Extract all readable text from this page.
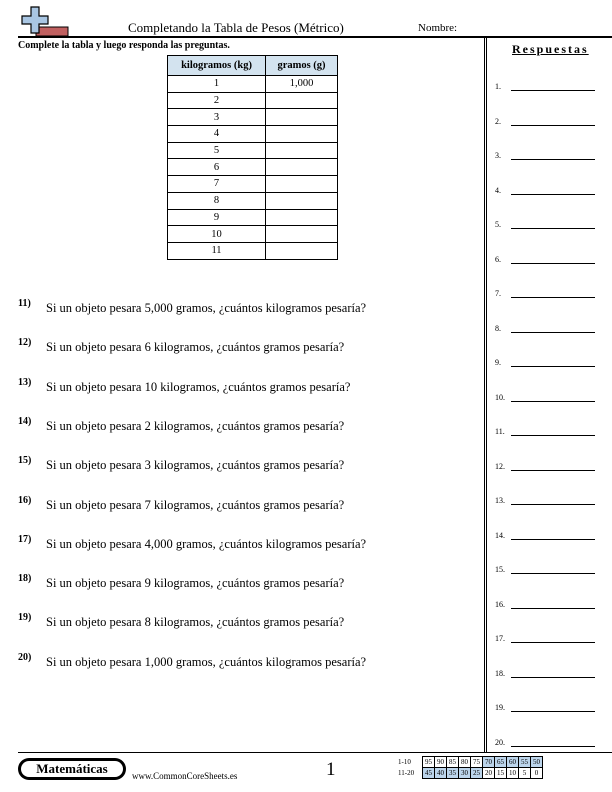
Completando la Tabla de Pesos (Métrico)	Nombre:
Complete la tabla y luego responda las preguntas.
kilogramos (kg)	gramos (g)
1	1,000
2	
3	
4	
5	
6	
7	
8	
9	
10	
11	
11) Si un objeto pesara 5,000 gramos, ¿cuántos kilogramos pesaría?
12) Si un objeto pesara 6 kilogramos, ¿cuántos gramos pesaría?
13) Si un objeto pesara 10 kilogramos, ¿cuántos gramos pesaría?
14) Si un objeto pesara 2 kilogramos, ¿cuántos gramos pesaría?
15) Si un objeto pesara 3 kilogramos, ¿cuántos gramos pesaría?
16) Si un objeto pesara 7 kilogramos, ¿cuántos gramos pesaría?
17) Si un objeto pesara 4,000 gramos, ¿cuántos kilogramos pesaría?
18) Si un objeto pesara 9 kilogramos, ¿cuántos gramos pesaría?
19) Si un objeto pesara 8 kilogramos, ¿cuántos gramos pesaría?
20) Si un objeto pesara 1,000 gramos, ¿cuántos kilogramos pesaría?
Respuestas
1.
2.
3.
4.
5.
6.
7.
8.
9.
10.
11.
12.
13.
14.
15.
16.
17.
18.
19.
20.
Matemáticas	www.CommonCoreSheets.es	1	1-10	95	90	85	80	75	70	65	60	55	50
11-20	45	40	35	30	25	20	15	10	5	0
